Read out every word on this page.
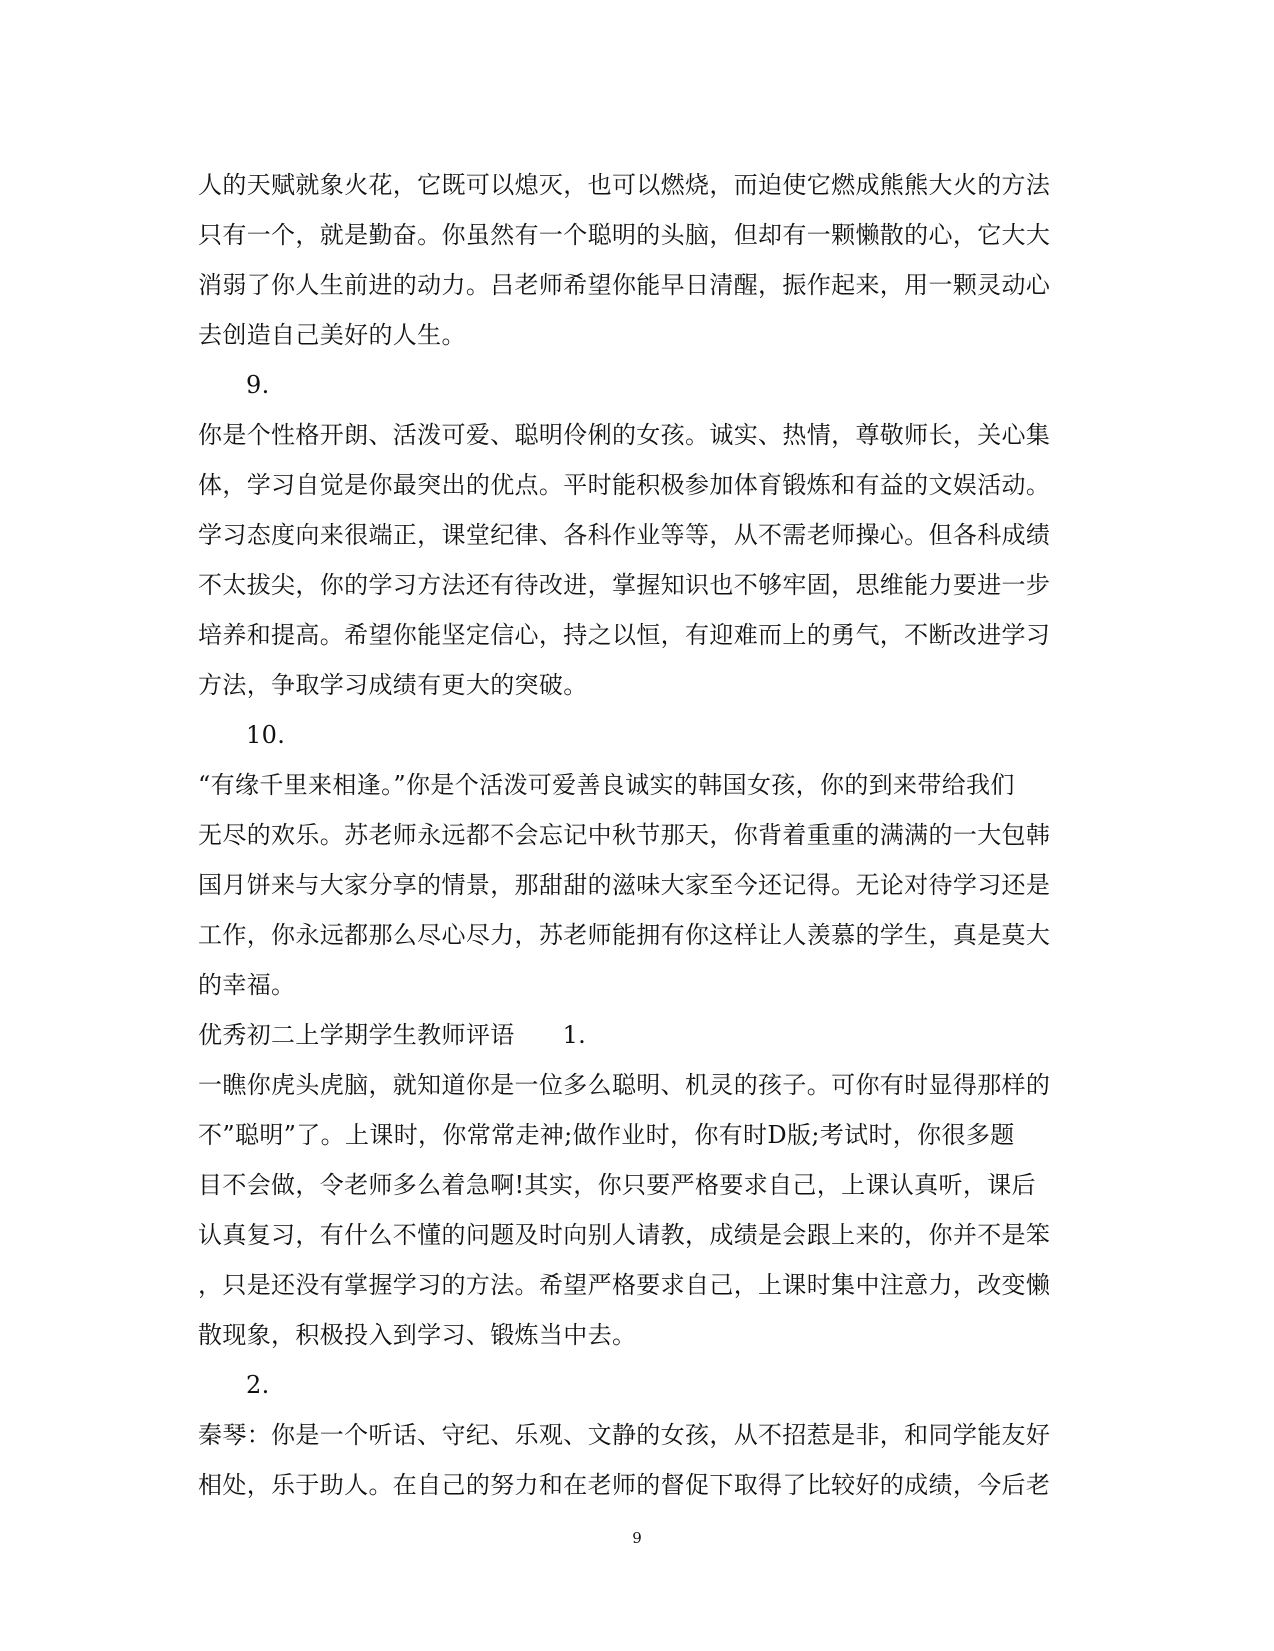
人的天赋就象火花，它既可以熄灭，也可以燃烧，而迫使它燃成熊熊大火的方法
只有一个，就是勤奋。你虽然有一个聪明的头脑，但却有一颗懒散的心，它大大
消弱了你人生前进的动力。吕老师希望你能早日清醒，振作起来，用一颗灵动心
去创造自己美好的人生。
9.
你是个性格开朗、活泼可爱、聪明伶俐的女孩。诚实、热情，尊敬师长，关心集
体，学习自觉是你最突出的优点。平时能积极参加体育锻炼和有益的文娱活动。
学习态度向来很端正，课堂纪律、各科作业等等，从不需老师操心。但各科成绩
不太拔尖，你的学习方法还有待改进，掌握知识也不够牢固，思维能力要进一步
培养和提高。希望你能坚定信心，持之以恒，有迎难而上的勇气，不断改进学习
方法，争取学习成绩有更大的突破。
10.
“有缘千里来相逢。”你是个活泼可爱善良诚实的韩国女孩，你的到来带给我们
无尽的欢乐。苏老师永远都不会忘记中秋节那天，你背着重重的满满的一大包韩
国月饼来与大家分享的情景，那甜甜的滋味大家至今还记得。无论对待学习还是
工作，你永远都那么尽心尽力，苏老师能拥有你这样让人羡慕的学生，真是莫大
的幸福。
优秀初二上学期学生教师评语 1.
一瞧你虎头虎脑，就知道你是一位多么聪明、机灵的孩子。可你有时显得那样的
不”聪明”了。上课时，你常常走神;做作业时，你有时D版;考试时，你很多题
目不会做，令老师多么着急啊!其实，你只要严格要求自己，上课认真听，课后
认真复习，有什么不懂的问题及时向别人请教，成绩是会跟上来的，你并不是笨
，只是还没有掌握学习的方法。希望严格要求自己，上课时集中注意力，改变懒
散现象，积极投入到学习、锻炼当中去。
2.
秦琴：你是一个听话、守纪、乐观、文静的女孩，从不招惹是非，和同学能友好
相处，乐于助人。在自己的努力和在老师的督促下取得了比较好的成绩，今后老
9
